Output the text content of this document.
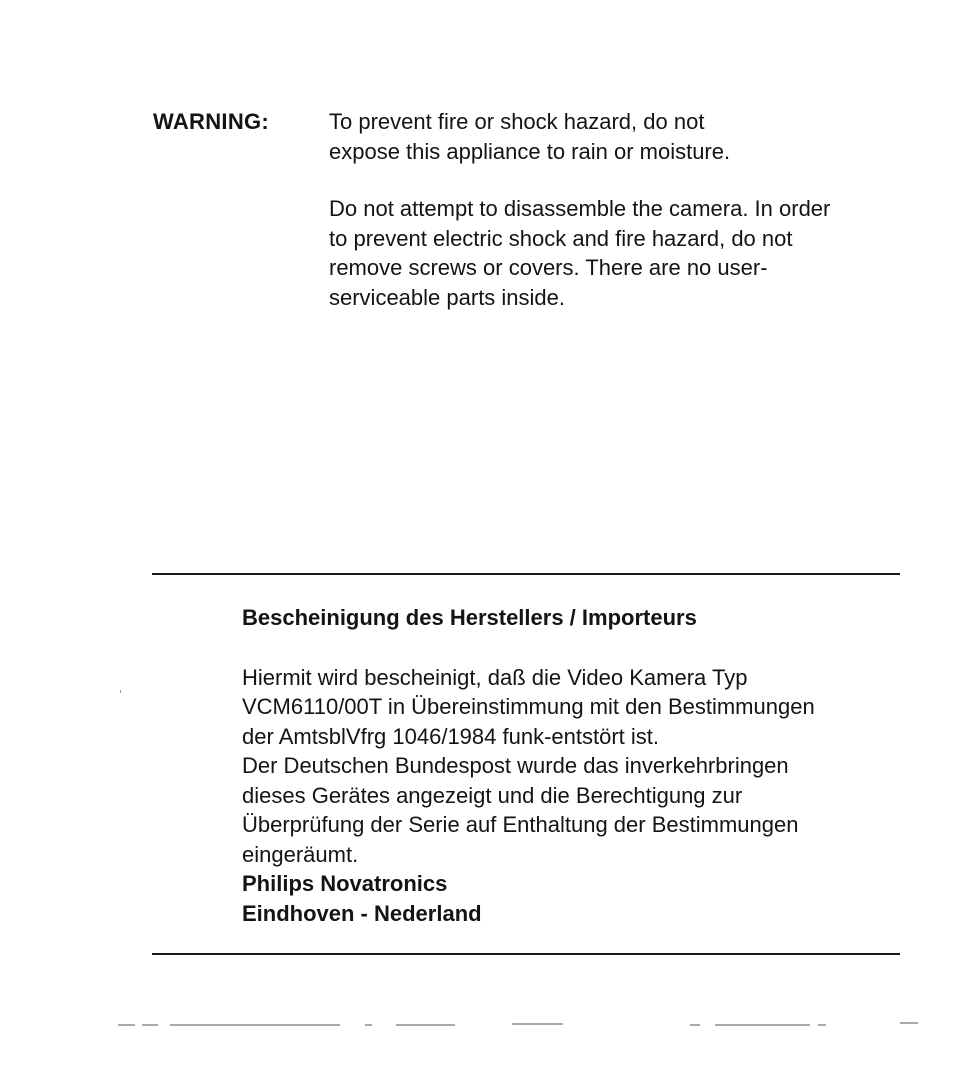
WARNING:	To prevent fire or shock hazard, do not
expose this appliance to rain or moisture.

Do not attempt to disassemble the camera. In order
to prevent electric shock and fire hazard, do not
remove screws or covers. There are no user-
serviceable parts inside.

Bescheinigung des Herstellers / Importeurs

Hiermit wird bescheinigt, daß die Video Kamera Typ
VCM6110/00T in Übereinstimmung mit den Bestimmungen
der AmtsblVfrg 1046/1984 funk-entstört ist.
Der Deutschen Bundespost wurde das inverkehrbringen
dieses Gerätes angezeigt und die Berechtigung zur
Überprüfung der Serie auf Enthaltung der Bestimmungen
eingeräumt.

Philips Novatronics
Eindhoven - Nederland
